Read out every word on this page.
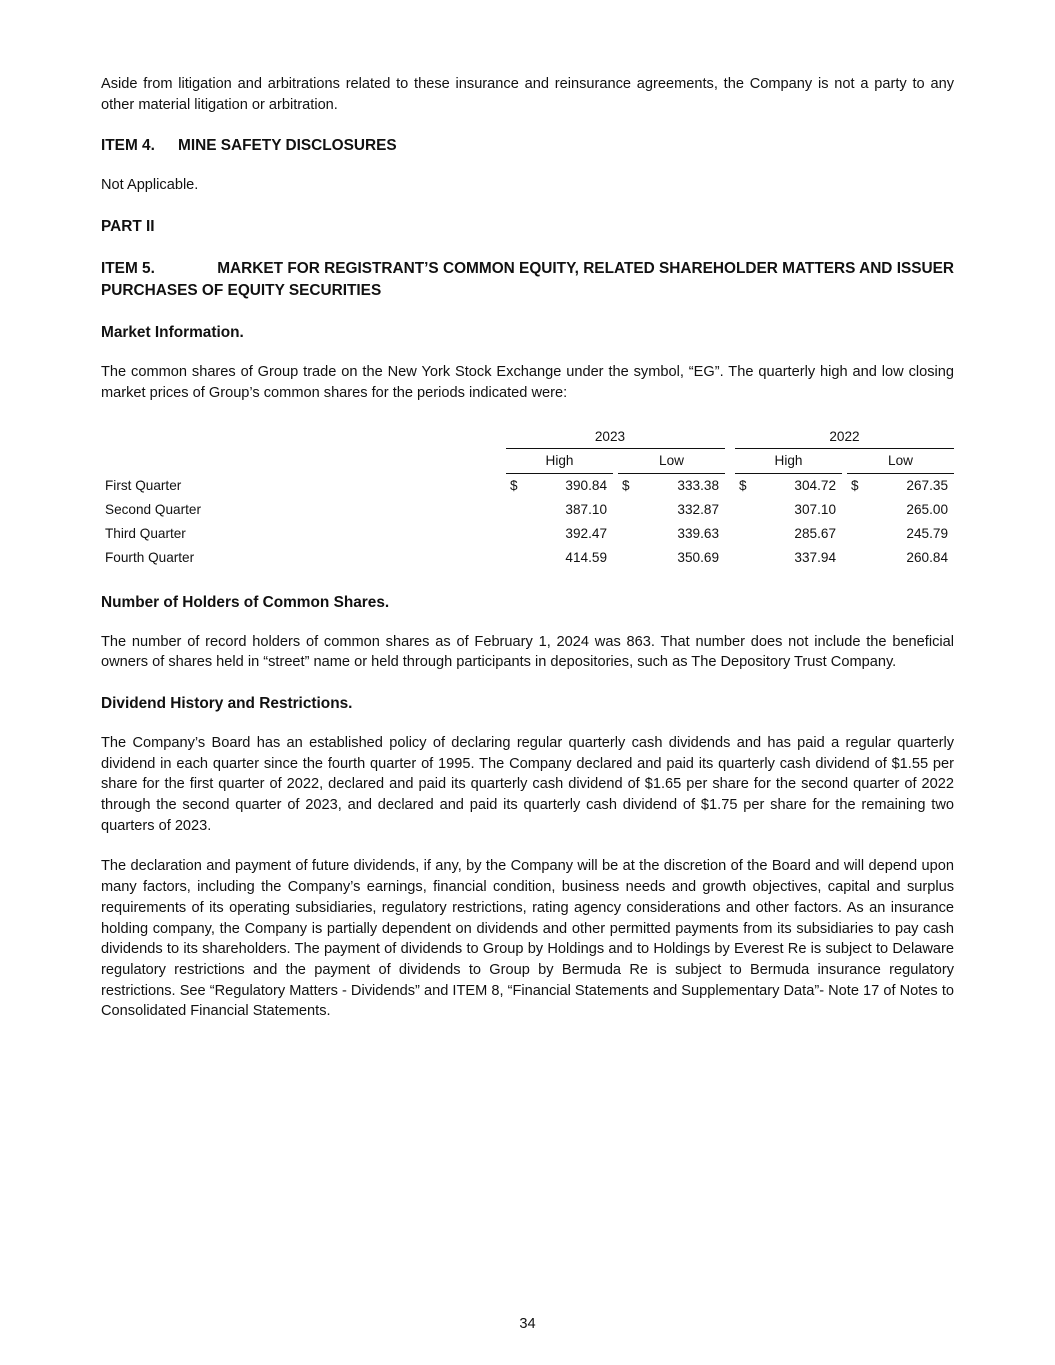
Aside from litigation and arbitrations related to these insurance and reinsurance agreements, the Company is not a party to any other material litigation or arbitration.

ITEM 4.	MINE SAFETY DISCLOSURES

Not Applicable.

PART II
ITEM 5.	MARKET FOR REGISTRANT’S COMMON EQUITY, RELATED SHAREHOLDER MATTERS AND ISSUER
PURCHASES OF EQUITY SECURITIES
Market Information.

The common shares of Group trade on the New York Stock Exchange under the symbol, “EG”. The quarterly high and low closing market prices of Group’s common shares for the periods indicated were:

2023	2022
High	Low	High	Low
First Quarter	$	390.84 $	333.38 $	304.72 $	267.35
Second Quarter	387.10	332.87	307.10	265.00
Third Quarter	392.47	339.63	285.67	245.79
Fourth Quarter	414.59	350.69	337.94	260.84
Number of Holders of Common Shares.

The number of record holders of common shares as of February 1, 2024 was 863. That number does not include the beneficial owners of shares held in “street” name or held through participants in depositories, such as The Depository Trust Company.

Dividend History and Restrictions.

The Company’s Board has an established policy of declaring regular quarterly cash dividends and has paid a regular quarterly dividend in each quarter since the fourth quarter of 1995. The Company declared and paid its quarterly cash dividend of $1.55 per share for the first quarter of 2022, declared and paid its quarterly cash dividend of $1.65 per share for the second quarter of 2022 through the second quarter of 2023, and declared and paid its quarterly cash dividend of $1.75 per share for the remaining two quarters of 2023.

The declaration and payment of future dividends, if any, by the Company will be at the discretion of the Board and will depend upon many factors, including the Company’s earnings, financial condition, business needs and growth objectives, capital and surplus requirements of its operating subsidiaries, regulatory restrictions, rating agency considerations and other factors. As an insurance holding company, the Company is partially dependent on dividends and other permitted payments from its subsidiaries to pay cash dividends to its shareholders. The payment of dividends to Group by Holdings and to Holdings by Everest Re is subject to Delaware regulatory restrictions and the payment of dividends to Group by Bermuda Re is subject to Bermuda insurance regulatory restrictions. See “Regulatory Matters - Dividends” and ITEM 8, “Financial Statements and Supplementary Data”- Note 17 of Notes to Consolidated Financial Statements.

34
